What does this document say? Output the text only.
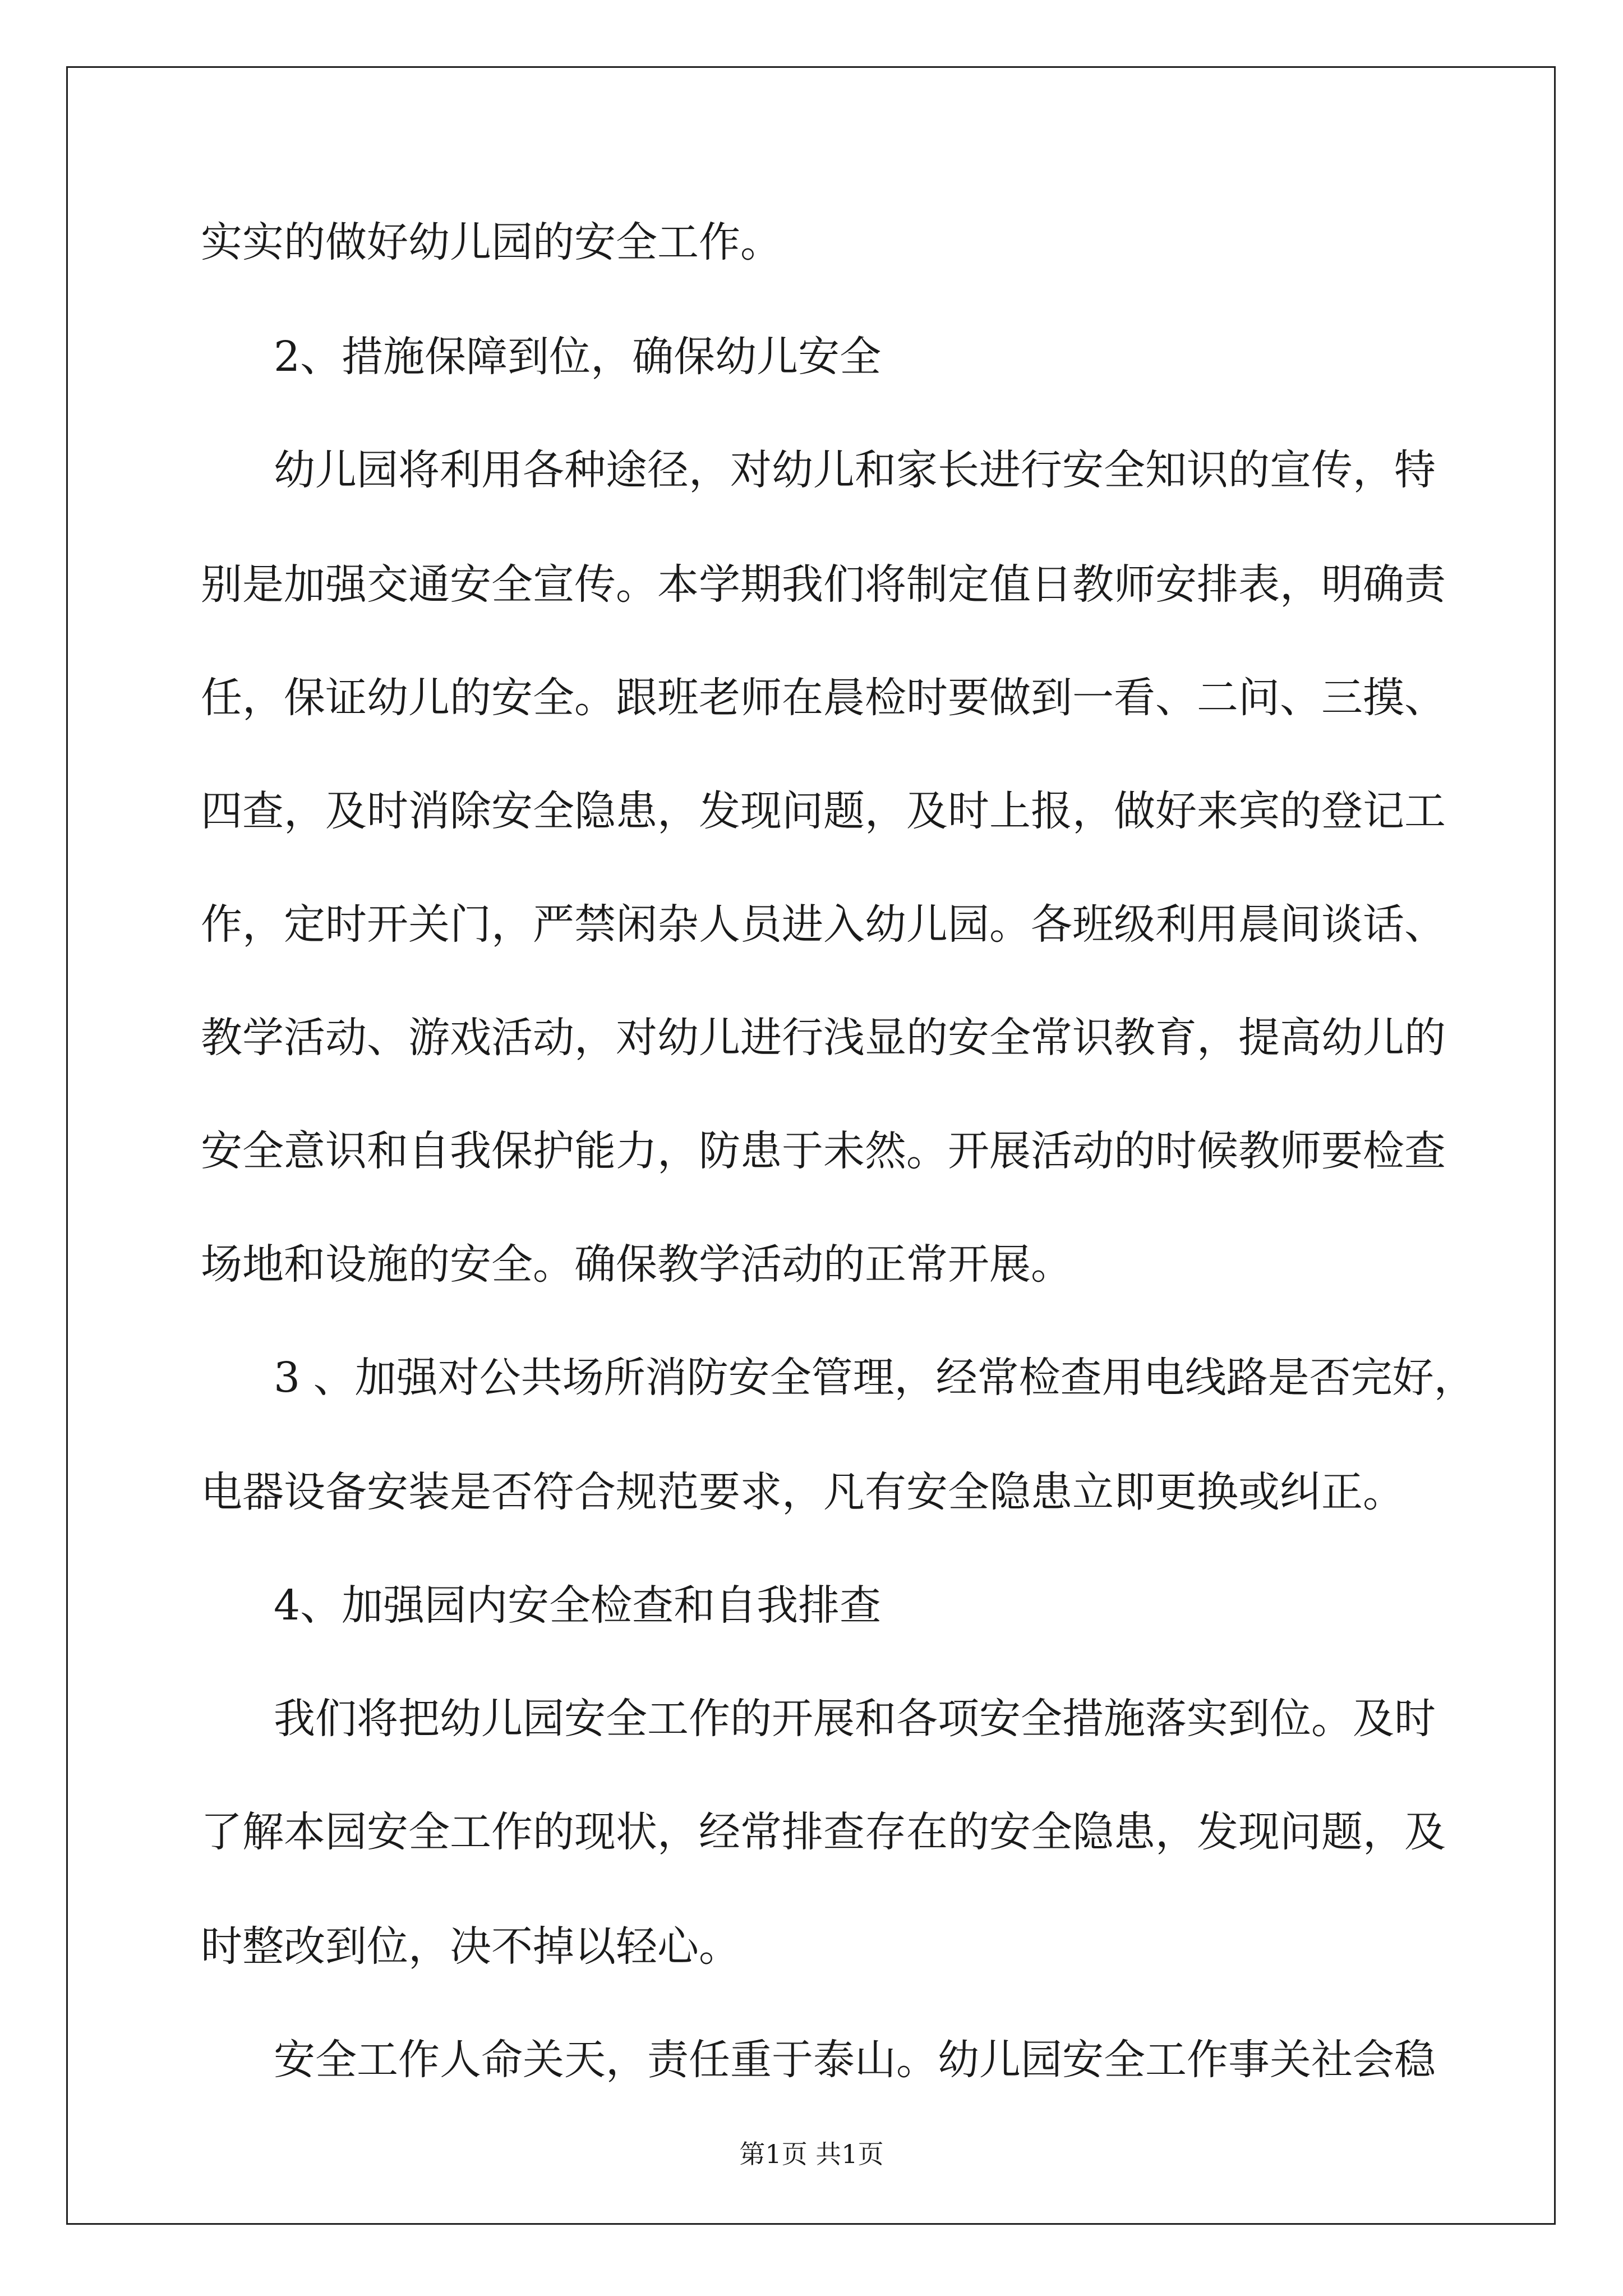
实实的做好幼儿园的安全工作。
2、措施保障到位，确保幼儿安全
幼儿园将利用各种途径，对幼儿和家长进行安全知识的宣传，特
别是加强交通安全宣传。本学期我们将制定值日教师安排表，明确责
任，保证幼儿的安全。跟班老师在晨检时要做到一看、二问、三摸、
四查，及时消除安全隐患，发现问题，及时上报，做好来宾的登记工
作，定时开关门，严禁闲杂人员进入幼儿园。各班级利用晨间谈话、
教学活动、游戏活动，对幼儿进行浅显的安全常识教育，提高幼儿的
安全意识和自我保护能力，防患于未然。开展活动的时候教师要检查
场地和设施的安全。确保教学活动的正常开展。
3 、加强对公共场所消防安全管理，经常检查用电线路是否完好，
电器设备安装是否符合规范要求，凡有安全隐患立即更换或纠正。
4、加强园内安全检查和自我排查
我们将把幼儿园安全工作的开展和各项安全措施落实到位。及时
了解本园安全工作的现状，经常排查存在的安全隐患，发现问题，及
时整改到位，决不掉以轻心。
安全工作人命关天，责任重于泰山。幼儿园安全工作事关社会稳
第1页 共1页
